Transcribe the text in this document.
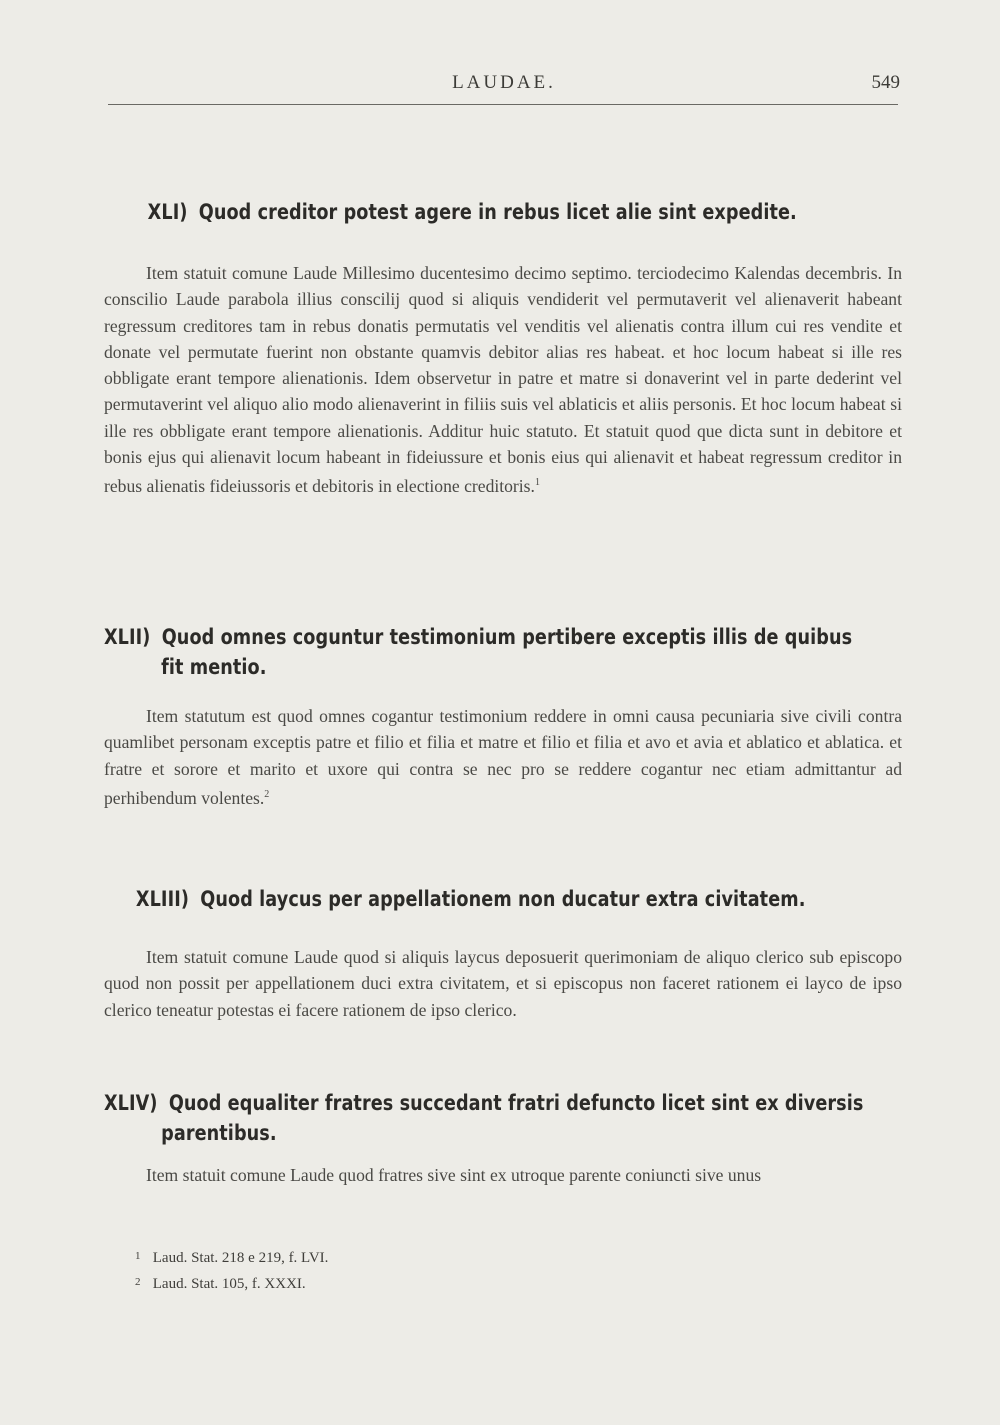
LAUDAE.	549
XLI) Quod creditor potest agere in rebus licet alie sint expedite.

Item statuit comune Laude Millesimo ducentesimo decimo septimo. terciodecimo Kalendas decembris. In conscilio Laude parabola illius conscilij quod si aliquis vendiderit vel permutaverit vel alienaverit habeant regressum creditores tam in rebus donatis permutatis vel venditis vel alienatis contra illum cui res vendite et donate vel permutate fuerint non obstante quamvis debitor alias res habeat. et hoc locum habeat si ille res obbligate erant tempore alienationis. Idem observetur in patre et matre si donaverint vel in parte dederint vel permutaverint vel aliquo alio modo alienaverint in filiis suis vel ablaticis et aliis personis. Et hoc locum habeat si ille res obbligate erant tempore alienationis. Additur huic statuto. Et statuit quod que dicta sunt in debitore et bonis ejus qui alienavit locum habeant in fideiussure et bonis eius qui alienavit et habeat regressum creditor in rebus alienatis fideiussoris et debitoris in electione creditoris.$^1$

XLII) Quod omnes coguntur testimonium pertibere exceptis illis de quibus
fit mentio.

Item statutum est quod omnes cogantur testimonium reddere in omni causa pecuniaria sive civili contra quamlibet personam exceptis patre et filio et filia et matre et filio et filia et avo et avia et ablatico et ablatica. et fratre et sorore et marito et uxore qui contra se nec pro se reddere cogantur nec etiam admittantur ad perhibendum volentes.$^2$

XLIII) Quod laycus per appellationem non ducatur extra civitatem.

Item statuit comune Laude quod si aliquis laycus deposuerit querimoniam de aliquo clerico sub episcopo quod non possit per appellationem duci extra civitatem, et si episcopus non faceret rationem ei layco de ipso clerico teneatur potestas ei facere rationem de ipso clerico.

XLIV) Quod equaliter fratres succedant fratri defuncto licet sint ex diversis
parentibus.

Item statuit comune Laude quod fratres sive sint ex utroque parente coniuncti sive unus

1 Laud. Stat. 218 e 219, f. LVI.
2 Laud. Stat. 105, f. XXXI.
